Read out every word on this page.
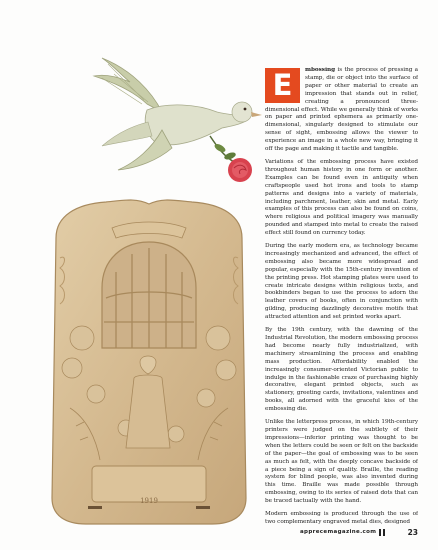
1919

E	mbossing is the process of pressing a stamp, die or object into the surface of paper or other material to create an impression that stands out in relief, creating a pronounced three-dimensional effect. While we generally think of works on paper and printed ephemera as primarily one-dimensional, singularly designed to stimulate our sense of sight, embossing allows the viewer to experience an image in a whole new way, bringing it off the page and making it tactile and tangible.

Variations of the embossing process have existed throughout human history in one form or another. Examples can be found even in antiquity when craftspeople used hot irons and tools to stamp patterns and designs into a variety of materials, including parchment, leather, skin and metal. Early examples of this process can also be found on coins, where religious and political imagery was manually pounded and stamped into metal to create the raised effect still found on currency today.

During the early modern era, as technology became increasingly mechanized and advanced, the effect of embossing also became more widespread and popular, especially with the 15th-century invention of the printing press. Hot stamping plates were used to create intricate designs within religious texts, and bookbinders began to use the process to adorn the leather covers of books, often in conjunction with gilding, producing dazzlingly decorative motifs that attracted attention and set printed works apart.

By the 19th century, with the dawning of the Industrial Revolution, the modern embossing process had become nearly fully industrialized, with machinery streamlining the process and enabling mass production. Affordability enabled the increasingly consumer-oriented Victorian public to indulge in the fashionable craze of purchasing highly decorative, elegant printed objects, such as stationery, greeting cards, invitations, valentines and books, all adorned with the graceful kiss of the embossing die.

Unlike the letterpress process, in which 19th-century printers were judged on the subtlety of their impressions—inferior printing was thought to be when the letters could be seen or felt on the backside of the paper—the goal of embossing was to be seen as much as felt, with the deeply concave backside of a piece being a sign of quality. Braille, the reading system for blind people, was also invented during this time. Braille was made possible through embossing, owing to its series of raised dots that can be traced tactually with the hand.

Modern embossing is produced through the use of two complementary engraved metal dies, designed

apprecemagazine.com	23
